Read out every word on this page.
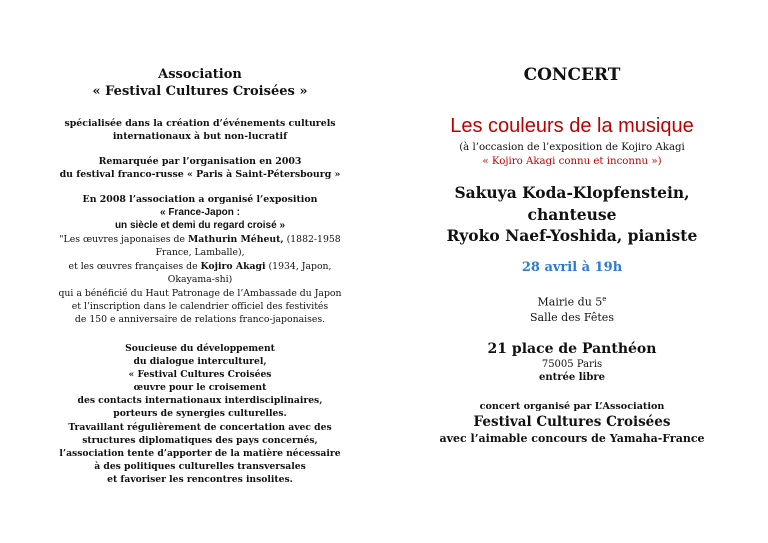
Association
« Festival Cultures Croisées »
spécialisée dans la création d’événements culturels
internationaux à but non-lucratif
Remarquée par l’organisation en 2003
du festival franco-russe « Paris à Saint-Pétersbourg »
En 2008 l’association a organisé l’exposition
« France-Japon :
un siècle et demi du regard croisé »
"Les œuvres japonaises de Mathurin Méheut, (1882-1958
France, Lamballe),
et les œuvres françaises de Kojiro Akagi (1934, Japon,
Okayama-shi)
qui a bénéficié du Haut Patronage de l’Ambassade du Japon
et l’inscription dans le calendrier officiel des festivités
de 150 e anniversaire de relations franco-japonaises.
Soucieuse du développement
du dialogue interculturel,
« Festival Cultures Croisées
œuvre pour le croisement
des contacts internationaux interdisciplinaires,
porteurs de synergies culturelles.
Travaillant régulièrement de concertation avec des
structures diplomatiques des pays concernés,
l’association tente d’apporter de la matière nécessaire
à des politiques culturelles transversales
et favoriser les rencontres insolites.
CONCERT
Les couleurs de la musique
(à l’occasion de l’exposition de Kojiro Akagi
« Kojiro Akagi connu et inconnu »)
Sakuya Koda-Klopfenstein,
chanteuse
Ryoko Naef-Yoshida, pianiste
28 avril à 19h
Mairie du 5e
Salle des Fêtes
21 place de Panthéon
75005 Paris
entrée libre
concert organisé par L’Association
Festival Cultures Croisées
avec l’aimable concours de Yamaha-France
